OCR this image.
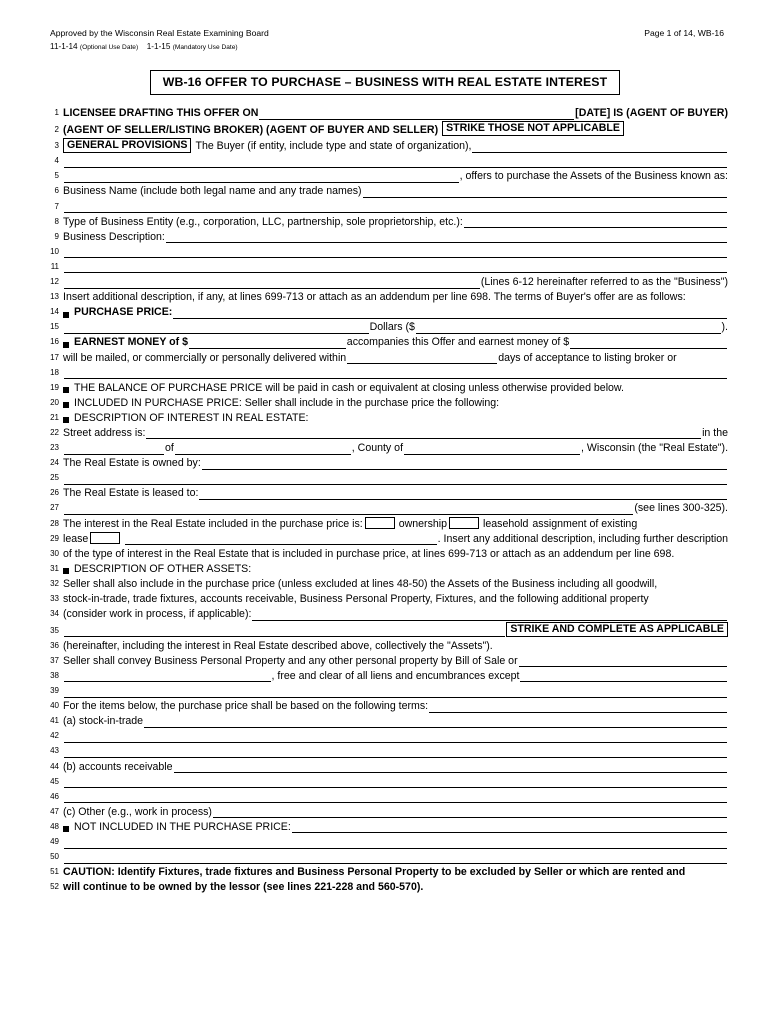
Approved by the Wisconsin Real Estate Examining Board
11-1-14 (Optional Use Date) 1-1-15 (Mandatory Use Date)
Page 1 of 14, WB-16
WB-16 OFFER TO PURCHASE – BUSINESS WITH REAL ESTATE INTEREST
1 LICENSEE DRAFTING THIS OFFER ON	[DATE] IS (AGENT OF BUYER)
2 (AGENT OF SELLER/LISTING BROKER) (AGENT OF BUYER AND SELLER) STRIKE THOSE NOT APPLICABLE
3 GENERAL PROVISIONS The Buyer (if entity, include type and state of organization),
4
5	, offers to purchase the Assets of the Business known as:
6 Business Name (include both legal name and any trade names)
7
8 Type of Business Entity (e.g., corporation, LLC, partnership, sole proprietorship, etc.):
9 Business Description:
10
11
12	(Lines 6-12 hereinafter referred to as the "Business")
13 Insert additional description, if any, at lines 699-713 or attach as an addendum per line 698. The terms of Buyer's offer are as follows:
14	PURCHASE PRICE:
15	Dollars ($	).
16	EARNEST MONEY of $	accompanies this Offer and earnest money of $
17 will be mailed, or commercially or personally delivered within	days of acceptance to listing broker or
18
19	THE BALANCE OF PURCHASE PRICE will be paid in cash or equivalent at closing unless otherwise provided below.
20	INCLUDED IN PURCHASE PRICE: Seller shall include in the purchase price the following:
21	DESCRIPTION OF INTEREST IN REAL ESTATE:
22 Street address is:	in the
23	of	, County of	, Wisconsin (the "Real Estate").
24 The Real Estate is owned by:
25
26 The Real Estate is leased to:
27	(see lines 300-325).
28 The interest in the Real Estate included in the purchase price is:	ownership	leasehold assignment of existing
29 lease	. Insert any additional description, including further description
30 of the type of interest in the Real Estate that is included in purchase price, at lines 699-713 or attach as an addendum per line 698.
31	DESCRIPTION OF OTHER ASSETS:
32 Seller shall also include in the purchase price (unless excluded at lines 48-50) the Assets of the Business including all goodwill,
33 stock-in-trade, trade fixtures, accounts receivable, Business Personal Property, Fixtures, and the following additional property
34 (consider work in process, if applicable):
35	STRIKE AND COMPLETE AS APPLICABLE
36 (hereinafter, including the interest in Real Estate described above, collectively the "Assets").
37 Seller shall convey Business Personal Property and any other personal property by Bill of Sale or
38	, free and clear of all liens and encumbrances except
39
40 For the items below, the purchase price shall be based on the following terms:
41 (a) stock-in-trade
42
43
44 (b) accounts receivable
45
46
47 (c) Other (e.g., work in process)
48	NOT INCLUDED IN THE PURCHASE PRICE:
49
50
51 CAUTION: Identify Fixtures, trade fixtures and Business Personal Property to be excluded by Seller or which are rented and
52 will continue to be owned by the lessor (see lines 221-228 and 560-570).
